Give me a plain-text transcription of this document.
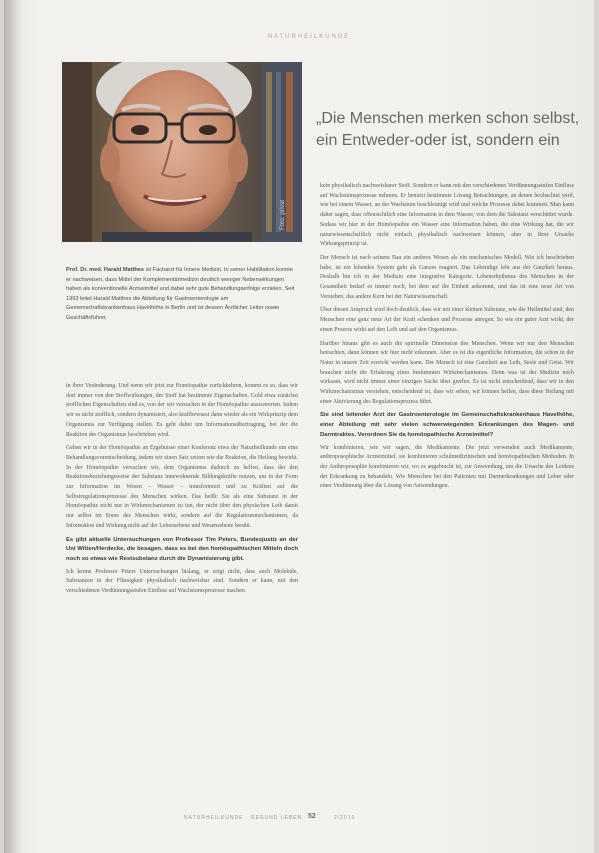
NATURHEILKUNDE
Foto: privat
„Die Menschen merken schon selbst,
ein Entweder-oder ist, sondern ein
Prof. Dr. med. Harald Matthes ist Facharzt für Innere Medizin. In seiner Habilitation konnte er nachweisen, dass Mittel der Komplementärmedizin deutlich weniger Nebenwirkungen haben als konventionelle Arzneimittel und dabei sehr gute Behandlungserfolge erzielen. Seit 1993 leitet Harald Matthes die Abteilung für Gastroenterologie am Gemeinschaftskrankenhaus Havelhöhe in Berlin und ist dessen Ärztlicher Leiter sowie Geschäftsführer.

in ihrer Veränderung. Und wenn wir jetzt zur Homöopathie zurückkehren, kommt es so, dass wir dort immer von den Stoffwirkungen, der Stoff hat bestimmte Eigenschaften. Gold etwa zunächst stofflichen Eigenschaften sind es, von der wir versuchen in der Homöopathie auszuwerten. Indem wir es nicht stofflich, sondern dynamisiert, also kraftbewusst dann wieder als ein Wirkprinzip dem Organismus zur Verfügung stellen. Es geht dabei um Informationsübertragung, bei der die Reaktion des Organismus beschrieben wird.

Gehen wir in der Homöopathie an Ergebnisse einer Konferenz etwa der Naturheilkunde um eine Behandlungsvorentscheidung, indem wir einen Satz setzen wie die Reaktion, die Heilung bewirkt. In der Homöopathie versuchen wir, dem Organismus dadurch zu helfen, dass der den Reaktionsbeziehungsweise der Substanz innewohnende Bildungskräfte nutzen, um in der Form zur Information im Wesen – Wasser – transformiert und zu Kräften auf die Selbstregulationsprozesse des Menschen wirken. Das heißt: Sie als eine Substanz in der Homöopathie nicht nur in Wirkmechanismen zu tun, der nicht über den physischen Leib damit nur selbst im Sinne des Menschen wirkt, sondern auf die Regulationsmechanismen, da Information und Wirkung nicht auf der Lebensebene und Wesensebene beruht.

Es gibt aktuelle Untersuchungen von Professor Tim Peters, Bundesjustiz an der Uni Witten/Herdecke, die besagen, dass es bei den homöopathischen Mitteln doch noch so etwas wie Restsubstanz durch die Dynamisierung gibt.

Ich kenne Professor Peters Untersuchungen bislang, er zeigt nicht, dass auch Moleküle, Substanzen in der Flüssigkeit physikalisch nachweisbar sind. Sondern er kann, mit den verschiedenen Verdünnungsstufen Einfluss auf Wachstumsprozesse machen.

kein physikalisch nachweisbarer Stoff. Sondern er kann mit den verschiedenen Verdünnungsstufen Einfluss auf Wachstumsprozesse nehmen. Er benutzt bestimmte Lösung Betrachtungen, an denen beobachtet wird, wie bei einem Wasser, an der Wachstum beschleunigt wird und welche Prozesse dabei kommen. Man kann daher sagen, dass offensichtlich eine Information in dem Wasser, von dem die Substanz verschüttet wurde. Sodass wir hier in der Homöopathie ein Wasser eine Information haben, die eine Wirkung hat, die wir naturwissenschaftlich nicht einfach physikalisch nachweisen können, aber in ihrer Ursache Wirkungsprinzip ist.

Der Mensch ist nach seinem Bau ein anderes Wesen als ein mechanisches Modell. Wie ich beschrieben habe, ist ein lebendes System geht als Ganzes reagiert. Das Lebendige lebt aus der Ganzheit heraus. Deshalb bin ich in der Medizin eine integrative Kategorie. Lebensrhythmus des Menschen in der Gesamtheit bedarf es immer noch, bei dem auf die Einheit ankommt, und das ist eine neue Art von Verstehen, das andere Kern bei der Naturwissenschaft.

Über diesen Anspruch wird doch deutlich, dass wir mit einer kleinen Substanz, wie die Heilmittel sind, den Menschen eine ganz neue Art der Kraft schenken und Prozesse anregen. So wie ein guter Arzt wirkt, der einen Prozess wirkt auf den Leib und auf den Organismus.

Darüber hinaus gibt es auch die spirituelle Dimension des Menschen. Wenn wir nur den Menschen betrachten, dann können wir hier nicht erkennen. Aber es ist die eigentliche Information, die schon in der Natur in unsere Zeit erreicht werden kann. Der Mensch ist eine Ganzheit aus Leib, Seele und Geist. Wir brauchen nicht die Erfahrung eines bestimmten Wirkmechanismus. Denn was ist der Medizin noch wirksam, wird nicht immer einer einzigen Sache über greifen. Es ist nicht entscheidend, dass wir in den Wirkmechanismus verstehen, entscheidend ist, dass wir sehen, wir können heilen, dass diese Heilung mit einer Aktivierung des Regulationsprozess führt.

Sie sind leitender Arzt der Gastroenterologie im Gemeinschaftskrankenhaus Havelhöhe, einer Abteilung mit sehr vielen schwerwiegenden Erkrankungen des Magen- und Darmtraktes. Verordnen Sie da homöopathische Arzneimittel?

Wir kombinieren, wie wir sagen, die Medikamente. Die jetzt verwenden auch Medikamente, anthroposophische Arzneimittel, sie kombinieren schulmedizinischen und homöopathischen Methoden. In der Anthroposophie kombinieren wir, wo es angebracht ist, zur Anwendung, um die Ursache des Leidens der Erkrankung zu behandeln. Wie Menschen bei den Patienten mit Darmerkrankungen und Leber oder einer Verdünnung über die Lösung von Anwendungen.

NATURHEILKUNDE · GESUND LEBEN 52	2/2013
